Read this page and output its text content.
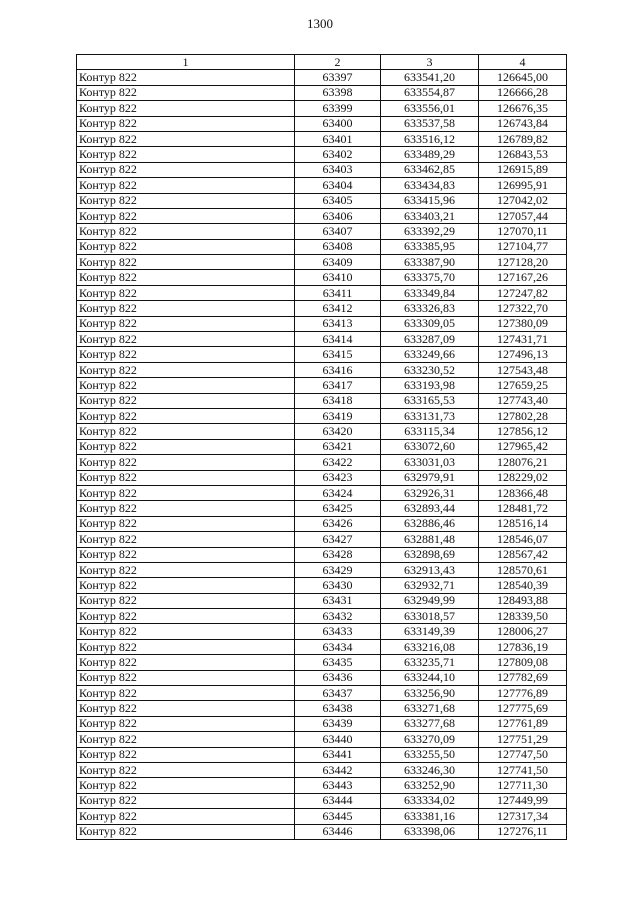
1300
1	2	3	4
Контур 822	63397	633541,20	126645,00
Контур 822	63398	633554,87	126666,28
Контур 822	63399	633556,01	126676,35
Контур 822	63400	633537,58	126743,84
Контур 822	63401	633516,12	126789,82
Контур 822	63402	633489,29	126843,53
Контур 822	63403	633462,85	126915,89
Контур 822	63404	633434,83	126995,91
Контур 822	63405	633415,96	127042,02
Контур 822	63406	633403,21	127057,44
Контур 822	63407	633392,29	127070,11
Контур 822	63408	633385,95	127104,77
Контур 822	63409	633387,90	127128,20
Контур 822	63410	633375,70	127167,26
Контур 822	63411	633349,84	127247,82
Контур 822	63412	633326,83	127322,70
Контур 822	63413	633309,05	127380,09
Контур 822	63414	633287,09	127431,71
Контур 822	63415	633249,66	127496,13
Контур 822	63416	633230,52	127543,48
Контур 822	63417	633193,98	127659,25
Контур 822	63418	633165,53	127743,40
Контур 822	63419	633131,73	127802,28
Контур 822	63420	633115,34	127856,12
Контур 822	63421	633072,60	127965,42
Контур 822	63422	633031,03	128076,21
Контур 822	63423	632979,91	128229,02
Контур 822	63424	632926,31	128366,48
Контур 822	63425	632893,44	128481,72
Контур 822	63426	632886,46	128516,14
Контур 822	63427	632881,48	128546,07
Контур 822	63428	632898,69	128567,42
Контур 822	63429	632913,43	128570,61
Контур 822	63430	632932,71	128540,39
Контур 822	63431	632949,99	128493,88
Контур 822	63432	633018,57	128339,50
Контур 822	63433	633149,39	128006,27
Контур 822	63434	633216,08	127836,19
Контур 822	63435	633235,71	127809,08
Контур 822	63436	633244,10	127782,69
Контур 822	63437	633256,90	127776,89
Контур 822	63438	633271,68	127775,69
Контур 822	63439	633277,68	127761,89
Контур 822	63440	633270,09	127751,29
Контур 822	63441	633255,50	127747,50
Контур 822	63442	633246,30	127741,50
Контур 822	63443	633252,90	127711,30
Контур 822	63444	633334,02	127449,99
Контур 822	63445	633381,16	127317,34
Контур 822	63446	633398,06	127276,11
